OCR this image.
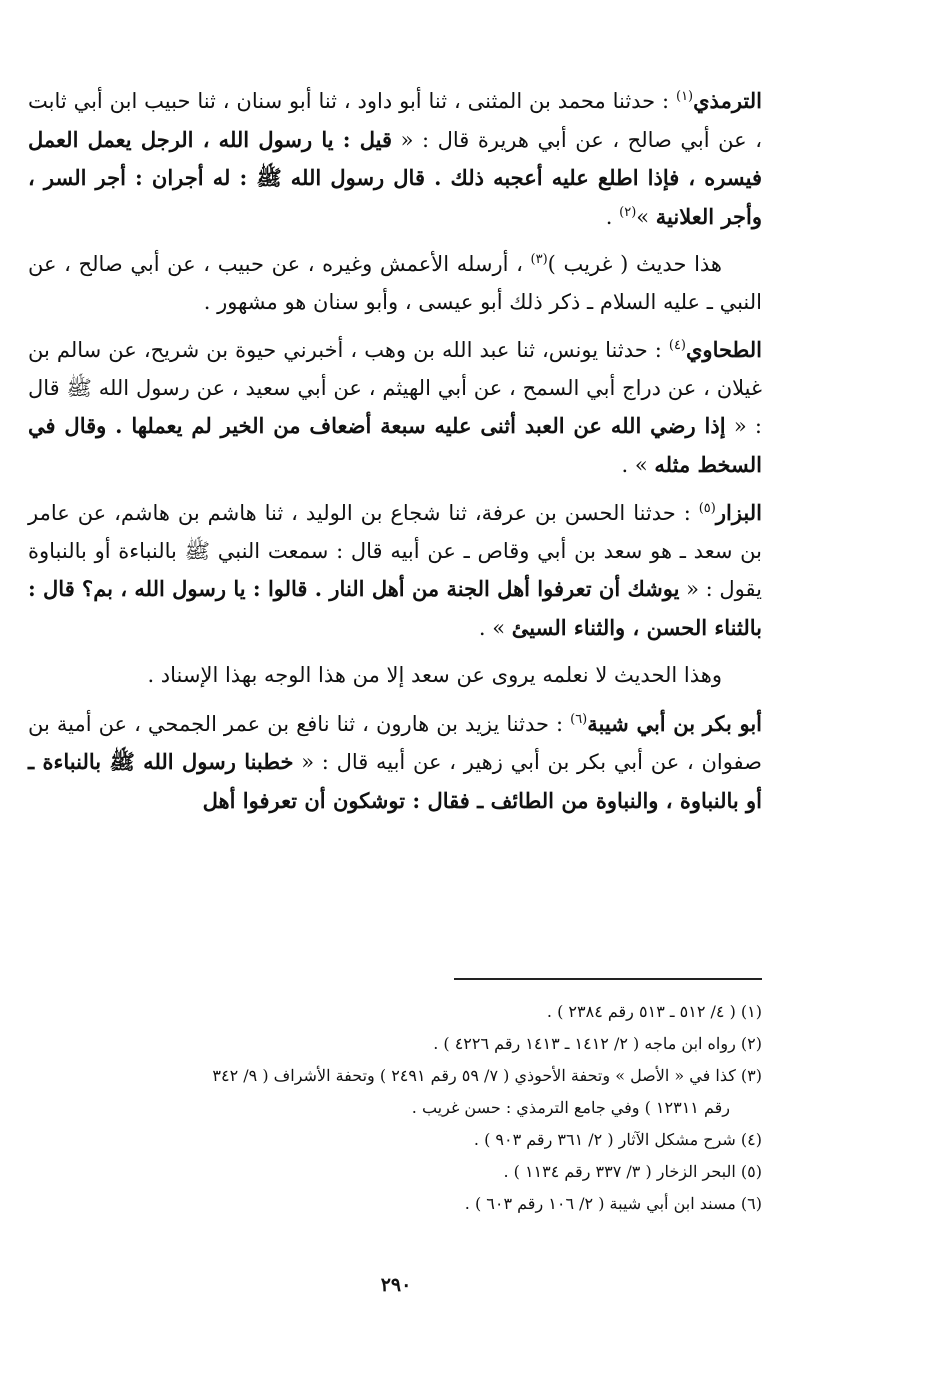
الترمذي$^{(١)}$ : حدثنا محمد بن المثنى ، ثنا أبو داود ، ثنا أبو سنان ، ثنا حبيب ابن أبي ثابت ، عن أبي صالح ، عن أبي هريرة قال : « قيل : يا رسول الله ، الرجل يعمل العمل فيسره ، فإذا اطلع عليه أعجبه ذلك . قال رسول الله ﷺ : له أجران : أجر السر ، وأجر العلانية »$^{(٢)}$ .

هذا حديث ( غريب )$^{(٣)}$ ، أرسله الأعمش وغيره ، عن حبيب ، عن أبي صالح ، عن النبي ـ عليه السلام ـ ذكر ذلك أبو عيسى ، وأبو سنان هو مشهور .

الطحاوي$^{(٤)}$ : حدثنا يونس، ثنا عبد الله بن وهب ، أخبرني حيوة بن شريح، عن سالم بن غيلان ، عن دراج أبي السمح ، عن أبي الهيثم ، عن أبي سعيد ، عن رسول الله ﷺ قال : « إذا رضي الله عن العبد أثنى عليه سبعة أضعاف من الخير لم يعملها . وقال في السخط مثله » .

البزار$^{(٥)}$ : حدثنا الحسن بن عرفة، ثنا شجاع بن الوليد ، ثنا هاشم بن هاشم، عن عامر بن سعد ـ هو سعد بن أبي وقاص ـ عن أبيه قال : سمعت النبي ﷺ بالنباءة أو بالنباوة يقول : « يوشك أن تعرفوا أهل الجنة من أهل النار . قالوا : يا رسول الله ، بم؟ قال : بالثناء الحسن ، والثناء السيئ » .

وهذا الحديث لا نعلمه يروى عن سعد إلا من هذا الوجه بهذا الإسناد .

أبو بكر بن أبي شيبة$^{(٦)}$ : حدثنا يزيد بن هارون ، ثنا نافع بن عمر الجمحي ، عن أمية بن صفوان ، عن أبي بكر بن أبي زهير ، عن أبيه قال : « خطبنا رسول الله ﷺ بالنباءة ـ أو بالنباوة ، والنباوة من الطائف ـ فقال : توشكون أن تعرفوا أهل

(١) ( ٤/ ٥١٢ ـ ٥١٣ رقم ٢٣٨٤ ) .

(٢) رواه ابن ماجه ( ٢/ ١٤١٢ ـ ١٤١٣ رقم ٤٢٢٦ ) .

(٣) كذا في « الأصل » وتحفة الأحوذي ( ٧/ ٥٩ رقم ٢٤٩١ ) وتحفة الأشراف ( ٩/ ٣٤٢

رقم ١٢٣١١ ) وفي جامع الترمذي : حسن غريب .

(٤) شرح مشكل الآثار ( ٢/ ٣٦١ رقم ٩٠٣ ) .

(٥) البحر الزخار ( ٣/ ٣٣٧ رقم ١١٣٤ ) .

(٦) مسند ابن أبي شيبة ( ٢/ ١٠٦ رقم ٦٠٣ ) .

٢٩٠
